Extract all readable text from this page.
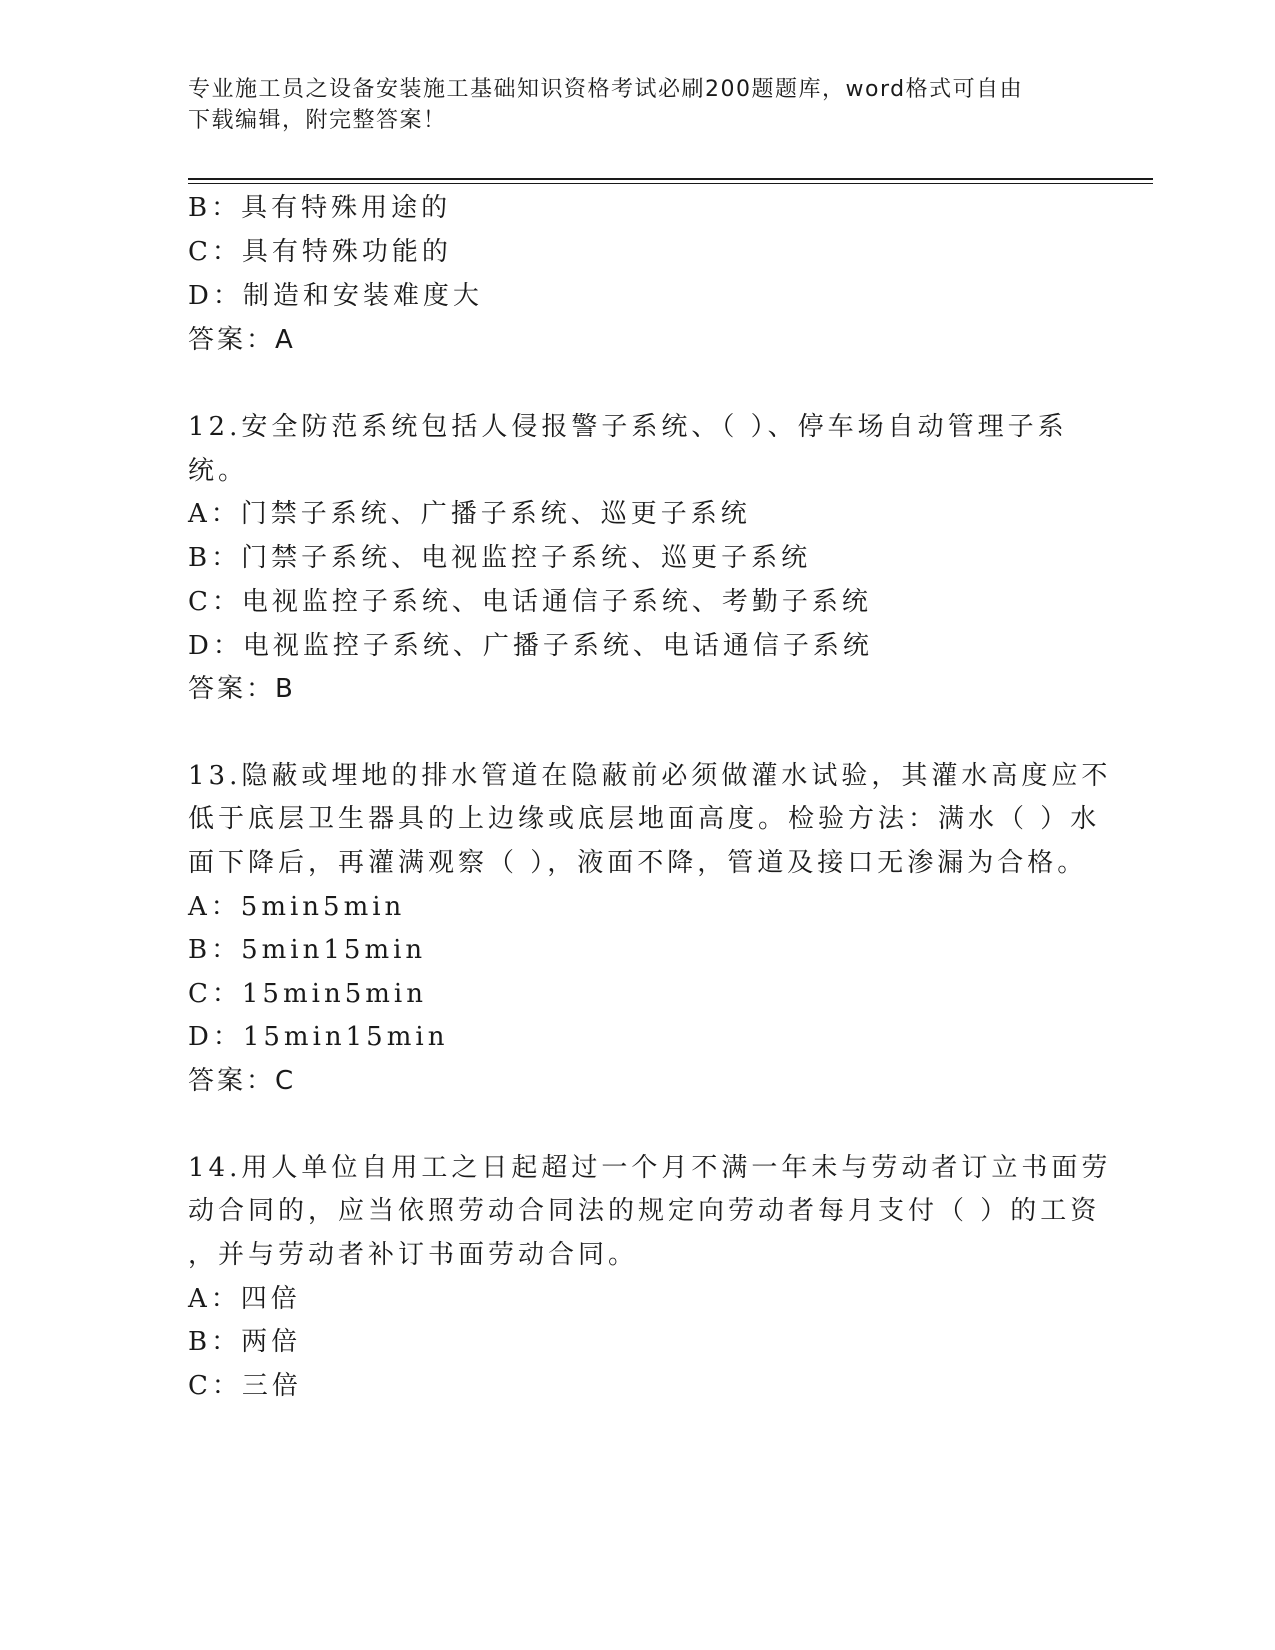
专业施工员之设备安装施工基础知识资格考试必刷200题题库，word格式可自由
下载编辑，附完整答案！
B：具有特殊用途的
C：具有特殊功能的
D：制造和安装难度大
答案：A
12.安全防范系统包括人侵报警子系统、（ ）、停车场自动管理子系
统。
A：门禁子系统、广播子系统、巡更子系统
B：门禁子系统、电视监控子系统、巡更子系统
C：电视监控子系统、电话通信子系统、考勤子系统
D：电视监控子系统、广播子系统、电话通信子系统
答案：B
13.隐蔽或埋地的排水管道在隐蔽前必须做灌水试验，其灌水高度应不
低于底层卫生器具的上边缘或底层地面高度。检验方法：满水（ ）水
面下降后，再灌满观察（ ），液面不降，管道及接口无渗漏为合格。
A：5min5min
B：5min15min
C：15min5min
D：15min15min
答案：C
14.用人单位自用工之日起超过一个月不满一年未与劳动者订立书面劳
动合同的，应当依照劳动合同法的规定向劳动者每月支付（ ）的工资
，并与劳动者补订书面劳动合同。
A：四倍
B：两倍
C：三倍
